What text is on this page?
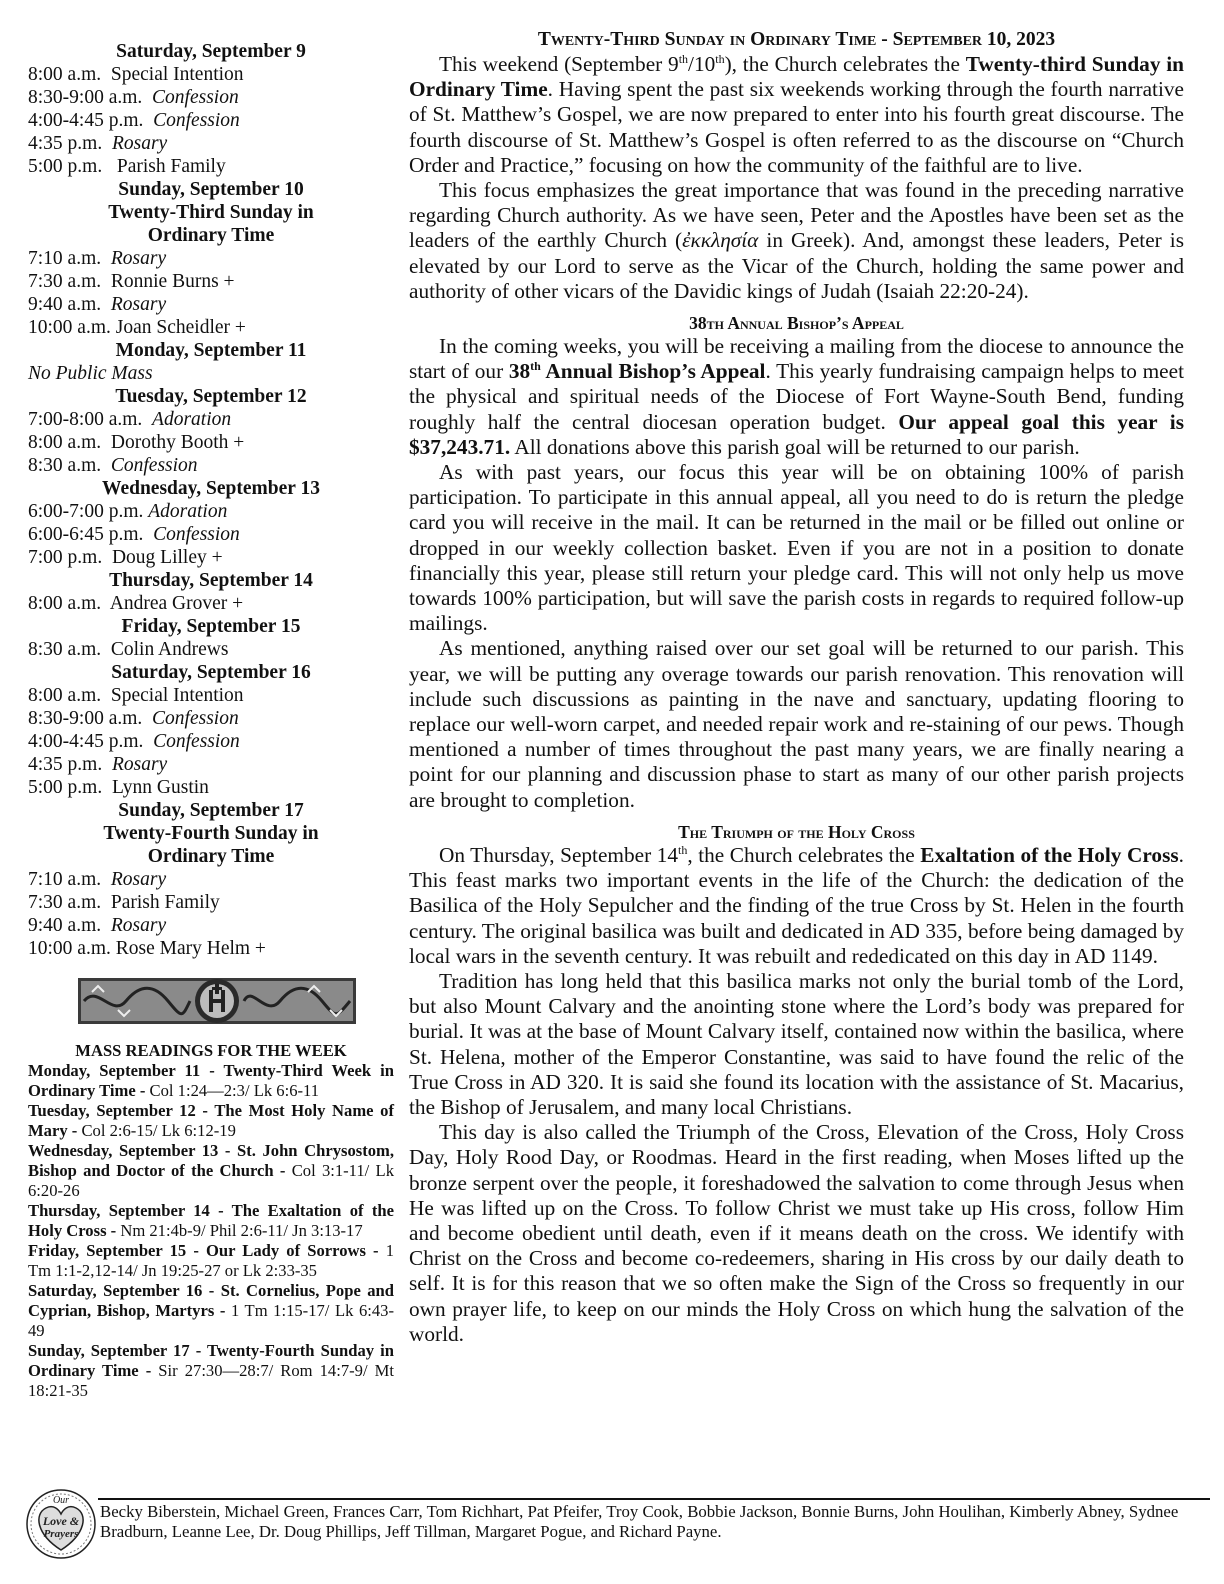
Saturday, September 9
8:00 a.m.  Special Intention
8:30-9:00 a.m.  Confession
4:00-4:45 p.m.  Confession
4:35 p.m.  Rosary
5:00 p.m.   Parish Family
Sunday, September 10
Twenty-Third Sunday in
Ordinary Time
7:10 a.m.  Rosary
7:30 a.m.  Ronnie Burns +
9:40 a.m.  Rosary
10:00 a.m. Joan Scheidler +
Monday, September 11
No Public Mass
Tuesday, September 12
7:00-8:00 a.m.  Adoration
8:00 a.m.  Dorothy Booth +
8:30 a.m.  Confession
Wednesday, September 13
6:00-7:00 p.m. Adoration
6:00-6:45 p.m.  Confession
7:00 p.m.  Doug Lilley +
Thursday, September 14
8:00 a.m.  Andrea Grover +
Friday, September 15
8:30 a.m.  Colin Andrews
Saturday, September 16
8:00 a.m.  Special Intention
8:30-9:00 a.m.  Confession
4:00-4:45 p.m.  Confession
4:35 p.m.  Rosary
5:00 p.m.  Lynn Gustin
Sunday, September 17
Twenty-Fourth Sunday in
Ordinary Time
7:10 a.m.  Rosary
7:30 a.m.  Parish Family
9:40 a.m.  Rosary
10:00 a.m. Rose Mary Helm +
MASS READINGS FOR THE WEEK
Monday, September 11 - Twenty-Third Week in Ordinary Time - Col 1:24—2:3/ Lk 6:6-11
Tuesday, September 12 - The Most Holy Name of Mary - Col 2:6-15/ Lk 6:12-19
Wednesday, September 13 - St. John Chrysostom, Bishop and Doctor of the Church - Col 3:1-11/ Lk 6:20-26
Thursday, September 14 - The Exaltation of the Holy Cross - Nm 21:4b-9/ Phil 2:6-11/ Jn 3:13-17
Friday, September 15 - Our Lady of Sorrows - 1 Tm 1:1-2,12-14/ Jn 19:25-27 or Lk 2:33-35
Saturday, September 16 - St. Cornelius, Pope and Cyprian, Bishop, Martyrs - 1 Tm 1:15-17/ Lk 6:43-49
Sunday, September 17 - Twenty-Fourth Sunday in Ordinary Time - Sir 27:30—28:7/ Rom 14:7-9/ Mt 18:21-35
Twenty-Third Sunday in Ordinary Time - September 10, 2023

This weekend (September 9th/10th), the Church celebrates the Twenty-third Sunday in Ordinary Time. Having spent the past six weekends working through the fourth narrative of St. Matthew’s Gospel, we are now prepared to enter into his fourth great discourse. The fourth discourse of St. Matthew’s Gospel is often referred to as the discourse on “Church Order and Practice,” focusing on how the community of the faithful are to live.

This focus emphasizes the great importance that was found in the preceding narrative regarding Church authority. As we have seen, Peter and the Apostles have been set as the leaders of the earthly Church (ἐκκλησία in Greek). And, amongst these leaders, Peter is elevated by our Lord to serve as the Vicar of the Church, holding the same power and authority of other vicars of the Davidic kings of Judah (Isaiah 22:20-24).

38th Annual Bishop’s Appeal

In the coming weeks, you will be receiving a mailing from the diocese to announce the start of our 38th Annual Bishop’s Appeal. This yearly fundraising campaign helps to meet the physical and spiritual needs of the Diocese of Fort Wayne-South Bend, funding roughly half the central diocesan operation budget. Our appeal goal this year is $37,243.71. All donations above this parish goal will be returned to our parish.

As with past years, our focus this year will be on obtaining 100% of parish participation. To participate in this annual appeal, all you need to do is return the pledge card you will receive in the mail. It can be returned in the mail or be filled out online or dropped in our weekly collection basket. Even if you are not in a position to donate financially this year, please still return your pledge card. This will not only help us move towards 100% participation, but will save the parish costs in regards to required follow-up mailings.

As mentioned, anything raised over our set goal will be returned to our parish. This year, we will be putting any overage towards our parish renovation. This renovation will include such discussions as painting in the nave and sanctuary, updating flooring to replace our well-worn carpet, and needed repair work and re-staining of our pews. Though mentioned a number of times throughout the past many years, we are finally nearing a point for our planning and discussion phase to start as many of our other parish projects are brought to completion.

The Triumph of the Holy Cross

On Thursday, September 14th, the Church celebrates the Exaltation of the Holy Cross. This feast marks two important events in the life of the Church: the dedication of the Basilica of the Holy Sepulcher and the finding of the true Cross by St. Helen in the fourth century. The original basilica was built and dedicated in AD 335, before being damaged by local wars in the seventh century. It was rebuilt and rededicated on this day in AD 1149.

Tradition has long held that this basilica marks not only the burial tomb of the Lord, but also Mount Calvary and the anointing stone where the Lord’s body was prepared for burial. It was at the base of Mount Calvary itself, contained now within the basilica, where St. Helena, mother of the Emperor Constantine, was said to have found the relic of the True Cross in AD 320. It is said she found its location with the assistance of St. Macarius, the Bishop of Jerusalem, and many local Christians.

This day is also called the Triumph of the Cross, Elevation of the Cross, Holy Cross Day, Holy Rood Day, or Roodmas. Heard in the first reading, when Moses lifted up the bronze serpent over the people, it foreshadowed the salvation to come through Jesus when He was lifted up on the Cross. To follow Christ we must take up His cross, follow Him and become obedient until death, even if it means death on the cross. We identify with Christ on the Cross and become co-redeemers, sharing in His cross by our daily death to self. It is for this reason that we so often make the Sign of the Cross so frequently in our own prayer life, to keep on our minds the Holy Cross on which hung the salvation of the world.

Our
Love &
Prayers
Becky Biberstein, Michael Green, Frances Carr, Tom Richhart, Pat Pfeifer, Troy Cook, Bobbie Jackson, Bonnie Burns, John Houlihan, Kimberly Abney, Sydnee Bradburn, Leanne Lee, Dr. Doug Phillips, Jeff Tillman, Margaret Pogue, and Richard Payne.
